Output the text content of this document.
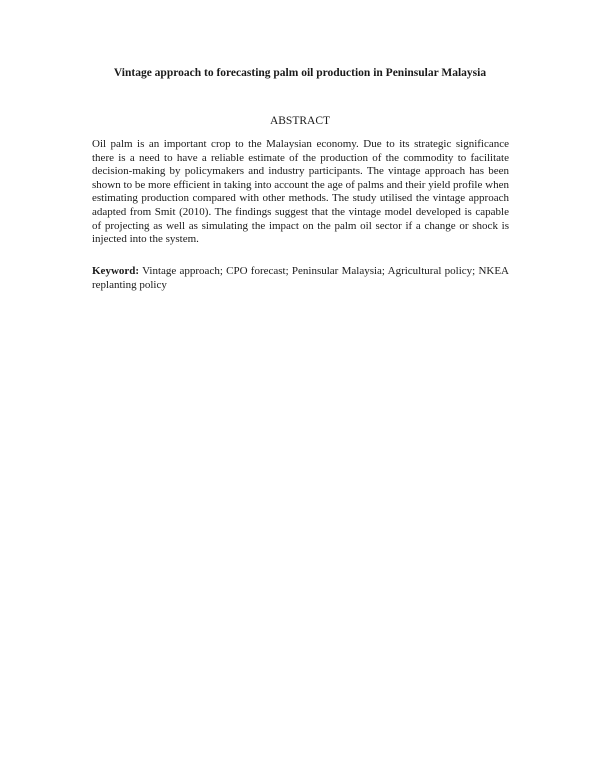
Vintage approach to forecasting palm oil production in Peninsular Malaysia
ABSTRACT

Oil palm is an important crop to the Malaysian economy. Due to its strategic significance there is a need to have a reliable estimate of the production of the commodity to facilitate decision-making by policymakers and industry participants. The vintage approach has been shown to be more efficient in taking into account the age of palms and their yield profile when estimating production compared with other methods. The study utilised the vintage approach adapted from Smit (2010). The findings suggest that the vintage model developed is capable of projecting as well as simulating the impact on the palm oil sector if a change or shock is injected into the system.

Keyword: Vintage approach; CPO forecast; Peninsular Malaysia; Agricultural policy; NKEA replanting policy
